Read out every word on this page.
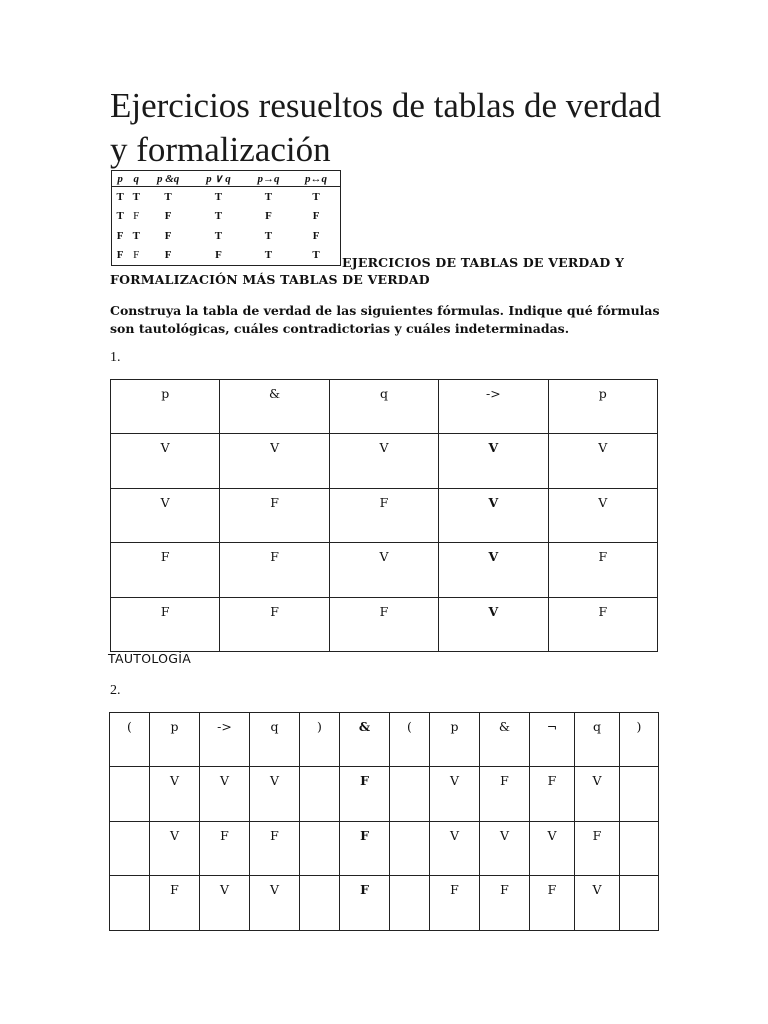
Ejercicios resueltos de tablas de verdad y formalización
p	q	p &q	p ∨ q	p→q	p↔q
T	T	T	T	T	T
T	F	F	T	F	F
F	T	F	T	T	F
F	F	F	F	T	T EJERCICIOS DE TABLAS DE VERDAD Y
FORMALIZACIÓN MÁS TABLAS DE VERDAD

Construya la tabla de verdad de las siguientes fórmulas. Indique qué fórmulas son tautológicas, cuáles contradictorias y cuáles indeterminadas.

1.
p	&	q	->	p
V	V	V	V	V
V	F	F	V	V
F	F	V	V	F
F	F	F	V	F
TAUTOLOGÍA
2.
(	p	->	q	)	&	(	p	&	¬	q	)
	V	V	V		F		V	F	F	V	
	V	F	F		F		V	V	V	F	
	F	V	V		F		F	F	F	V	
